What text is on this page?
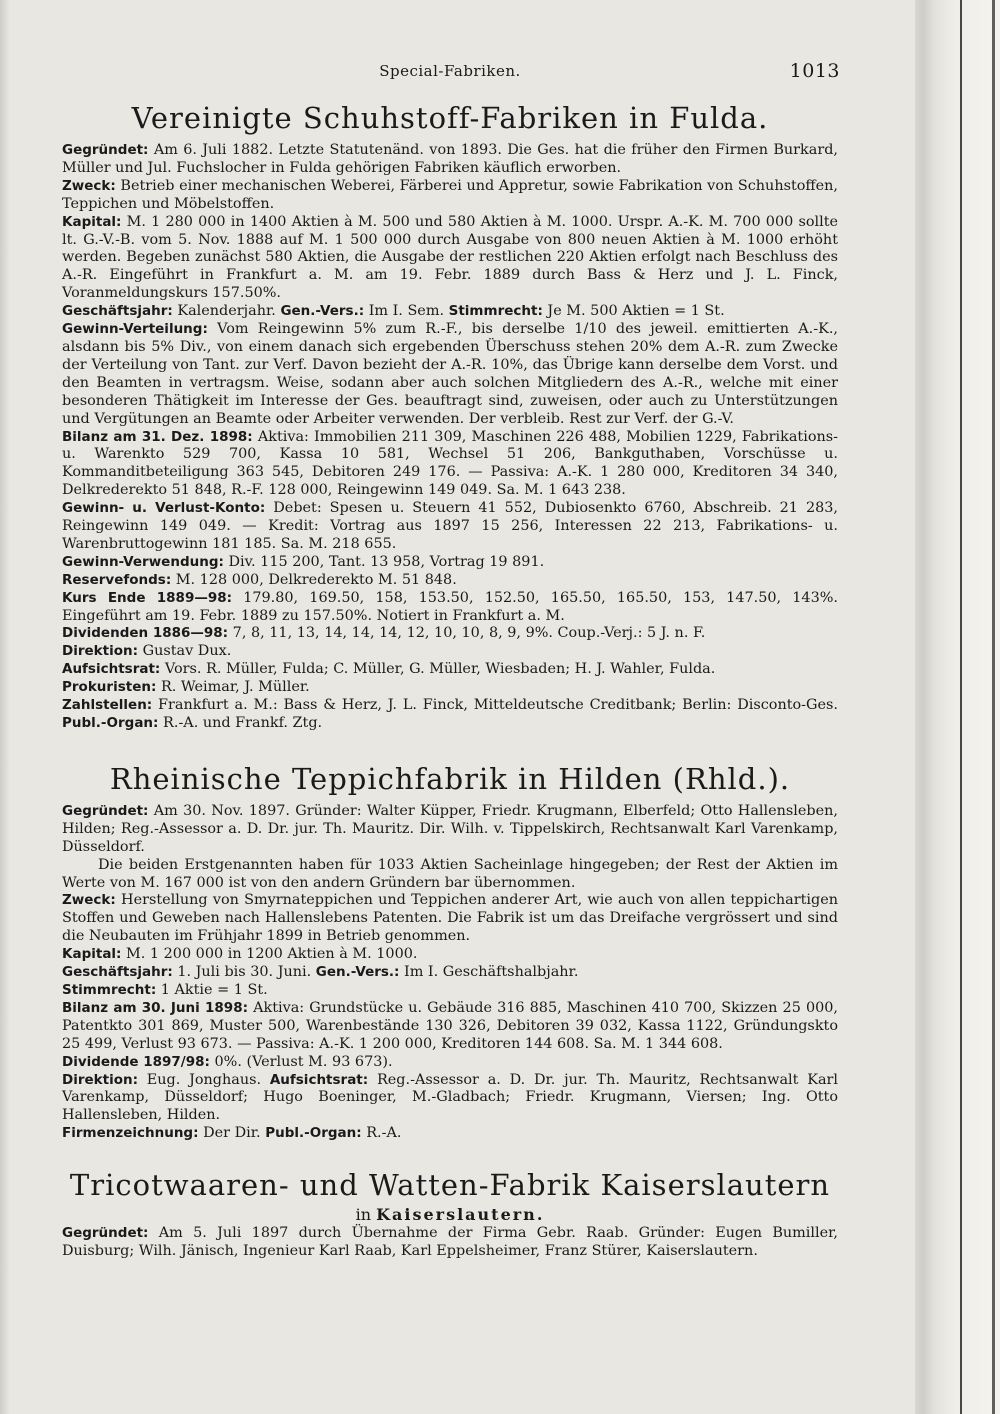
Special-Fabriken.	1013
Vereinigte Schuhstoff-Fabriken in Fulda.

Gegründet: Am 6. Juli 1882. Letzte Statutenänd. von 1893. Die Ges. hat die früher den Firmen Burkard, Müller und Jul. Fuchslocher in Fulda gehörigen Fabriken käuflich erworben.

Zweck: Betrieb einer mechanischen Weberei, Färberei und Appretur, sowie Fabrikation von Schuhstoffen, Teppichen und Möbelstoffen.

Kapital: M. 1 280 000 in 1400 Aktien à M. 500 und 580 Aktien à M. 1000. Urspr. A.-K. M. 700 000 sollte lt. G.-V.-B. vom 5. Nov. 1888 auf M. 1 500 000 durch Ausgabe von 800 neuen Aktien à M. 1000 erhöht werden. Begeben zunächst 580 Aktien, die Ausgabe der restlichen 220 Aktien erfolgt nach Beschluss des A.-R. Eingeführt in Frankfurt a. M. am 19. Febr. 1889 durch Bass & Herz und J. L. Finck, Voranmeldungskurs 157.50%.

Geschäftsjahr: Kalenderjahr. Gen.-Vers.: Im I. Sem. Stimmrecht: Je M. 500 Aktien = 1 St.

Gewinn-Verteilung: Vom Reingewinn 5% zum R.-F., bis derselbe 1/10 des jeweil. emittierten A.-K., alsdann bis 5% Div., von einem danach sich ergebenden Überschuss stehen 20% dem A.-R. zum Zwecke der Verteilung von Tant. zur Verf. Davon bezieht der A.-R. 10%, das Übrige kann derselbe dem Vorst. und den Beamten in vertragsm. Weise, sodann aber auch solchen Mitgliedern des A.-R., welche mit einer besonderen Thätigkeit im Interesse der Ges. beauftragt sind, zuweisen, oder auch zu Unterstützungen und Vergütungen an Beamte oder Arbeiter verwenden. Der verbleib. Rest zur Verf. der G.-V.

Bilanz am 31. Dez. 1898: Aktiva: Immobilien 211 309, Maschinen 226 488, Mobilien 1229, Fabrikations- u. Warenkto 529 700, Kassa 10 581, Wechsel 51 206, Bankguthaben, Vorschüsse u. Kommanditbeteiligung 363 545, Debitoren 249 176. — Passiva: A.-K. 1 280 000, Kreditoren 34 340, Delkrederekto 51 848, R.-F. 128 000, Reingewinn 149 049. Sa. M. 1 643 238.

Gewinn- u. Verlust-Konto: Debet: Spesen u. Steuern 41 552, Dubiosenkto 6760, Abschreib. 21 283, Reingewinn 149 049. — Kredit: Vortrag aus 1897 15 256, Interessen 22 213, Fabrikations- u. Warenbruttogewinn 181 185. Sa. M. 218 655.

Gewinn-Verwendung: Div. 115 200, Tant. 13 958, Vortrag 19 891.

Reservefonds: M. 128 000, Delkrederekto M. 51 848.

Kurs Ende 1889—98: 179.80, 169.50, 158, 153.50, 152.50, 165.50, 165.50, 153, 147.50, 143%. Eingeführt am 19. Febr. 1889 zu 157.50%. Notiert in Frankfurt a. M.

Dividenden 1886—98: 7, 8, 11, 13, 14, 14, 14, 12, 10, 10, 8, 9, 9%. Coup.-Verj.: 5 J. n. F.

Direktion: Gustav Dux.

Aufsichtsrat: Vors. R. Müller, Fulda; C. Müller, G. Müller, Wiesbaden; H. J. Wahler, Fulda.

Prokuristen: R. Weimar, J. Müller.

Zahlstellen: Frankfurt a. M.: Bass & Herz, J. L. Finck, Mitteldeutsche Creditbank; Berlin: Disconto-Ges. Publ.-Organ: R.-A. und Frankf. Ztg.

Rheinische Teppichfabrik in Hilden (Rhld.).

Gegründet: Am 30. Nov. 1897. Gründer: Walter Küpper, Friedr. Krugmann, Elberfeld; Otto Hallensleben, Hilden; Reg.-Assessor a. D. Dr. jur. Th. Mauritz. Dir. Wilh. v. Tippelskirch, Rechtsanwalt Karl Varenkamp, Düsseldorf.

Die beiden Erstgenannten haben für 1033 Aktien Sacheinlage hingegeben; der Rest der Aktien im Werte von M. 167 000 ist von den andern Gründern bar übernommen.

Zweck: Herstellung von Smyrnateppichen und Teppichen anderer Art, wie auch von allen teppichartigen Stoffen und Geweben nach Hallenslebens Patenten. Die Fabrik ist um das Dreifache vergrössert und sind die Neubauten im Frühjahr 1899 in Betrieb genommen.

Kapital: M. 1 200 000 in 1200 Aktien à M. 1000.

Geschäftsjahr: 1. Juli bis 30. Juni. Gen.-Vers.: Im I. Geschäftshalbjahr.

Stimmrecht: 1 Aktie = 1 St.

Bilanz am 30. Juni 1898: Aktiva: Grundstücke u. Gebäude 316 885, Maschinen 410 700, Skizzen 25 000, Patentkto 301 869, Muster 500, Warenbestände 130 326, Debitoren 39 032, Kassa 1122, Gründungskto 25 499, Verlust 93 673. — Passiva: A.-K. 1 200 000, Kreditoren 144 608. Sa. M. 1 344 608.

Dividende 1897/98: 0%. (Verlust M. 93 673).

Direktion: Eug. Jonghaus. Aufsichtsrat: Reg.-Assessor a. D. Dr. jur. Th. Mauritz, Rechtsanwalt Karl Varenkamp, Düsseldorf; Hugo Boeninger, M.-Gladbach; Friedr. Krugmann, Viersen; Ing. Otto Hallensleben, Hilden.

Firmenzeichnung: Der Dir. Publ.-Organ: R.-A.

Tricotwaaren- und Watten-Fabrik Kaiserslautern
in Kaiserslautern.

Gegründet: Am 5. Juli 1897 durch Übernahme der Firma Gebr. Raab. Gründer: Eugen Bumiller, Duisburg; Wilh. Jänisch, Ingenieur Karl Raab, Karl Eppelsheimer, Franz Stürer, Kaiserslautern.
